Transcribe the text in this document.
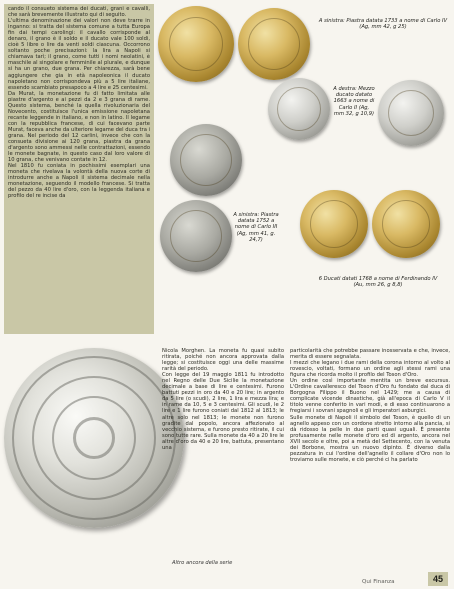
cando il consueto sistema dei ducati, grani e cavalli, che sarà brevemente illustrato qui di seguito.

L'ultima denominazione dei valori non deve trarre in inganno: si tratta del sistema comune a tutta Europa fin dai tempi carolingi: il cavallo corrisponde al denaro, il grano è il soldo e il ducato vale 100 soldi, cioè 5 libre o lire da venti soldi ciascuna. Occorrono soltanto poche precisazioni: la lira a Napoli si chiamava tarì; il grano, come tutti i nomi neolatini, è maschile al singolare e femminile al plurale, e dunque si ha un grano, due grana. Per chiarezza, sarà bene aggiungere che gia in età napoleonica il ducato napoletano non corrispondeva più a 5 lire italiane, essendo scambiato presapoco a 4 lire e 25 centesimi.

Da Murat, la monetazione fu di fatto limitata alle piastre d'argento e ai pezzi da 2 e 3 grana di rame. Questo sistema, benché la quella rivoluzionaria del Novecento, costituisce l'unica emissione napoletana recante leggende in italiano, e non in latino. Il legame con la repubblica francese, di cui facevano parte Murat, faceva anche da ulteriore legame del duca tra i grana. Nel periodo del 12 carlini, invece che con la consueta divisione ai 120 grana, piastra da grana d'argento sono ammessi nelle contrattazioni, essendo le monete bagnate, in questo caso dal loro valore di 10 grana, che venivano contate in 12.

Nel 1810 fu coniata in pochissimi esemplari una moneta che rivelava la volontà della nuova corte di introdurre anche a Napoli il sistema decimale nella monetazione, seguendo il modello francese. Si tratta del pezzo da 40 lire d'oro, con la leggenda italiana e profilo del re incise da

A sinistra: Piastra datata 1733 a nome di Carlo IV (Ag, mm 42, g 25)
A destra: Mezzo ducato datato 1663 a nome di Carlo II (Ag, mm 32, g 10,9)
A sinistra: Piastra datata 1752 a nome di Carlo III (Ag, mm 41, g. 24,7)
6 Ducati datati 1768 a nome di Ferdinando IV (Au, mm 26, g 8,8)

Nicola Morghen. La moneta fu quasi subito ritirata, poiché non ancora approvata dalla legge; si costituisce oggi una delle massime rarità del periodo.

Con legge del 19 maggio 1811 fu introdotto nel Regno delle Due Sicilie la monetazione decimale a base di lire e centesimi. Furono battuti pezzi in oro da 40 e 20 lire; in argento da 5 lire (o scudi), 2 lire, 1 lira e mezza lira; e in rame da 10, 5 e 3 centesimi. Gli scudi, le 2 lire e 1 lire furono coniati dal 1812 al 1813; le altre solo nel 1813; le monete non furono gradite dal popolo, ancora affezionato al vecchio sistema, e furono presto ritirate, il cui sono tutte rare. Sulla monete da 40 a 20 lire le altre d'oro da 40 e 20 lire, battuta, presentano una

particolarità che potrebbe passare inosservata e che, invece, merita di essere segnalata.

I mezzi che legano i due rami della corona intorno al volto al rovescio, voltati, formano un ordine agli stessi rami una figura che ricorda molto il profilo del Toson d'Oro.

Un ordine così importante mentita un breve excursus. L'Ordine cavalleresco del Toson d'Oro fu fondato dal duca di Borgogna Filippo il Buono nel 1429; me a causa di complicate vicende dinastiche, già all'epoca di Carlo V il titolo venne conferito in vari modi, e di esso continuarono a fregiarsi i sovrani spagnoli e gli imperatori asburgici.

Sulle monete di Napoli il simbolo del Toson, è quello di un agnello appeso con un cordone stretto intorno alla pancia, si dà ridosso la pelle in due parti quasi uguali. È presente profusamente nelle monete d'oro ed di argento, ancora nel XVII secolo e oltre, poi a metà del Settecento, con la venuta dei Borbone, mostra un nuovo dipinto. È diverso dalla pezzatura in cui l'ordine dell'agnello il collare d'Oro non lo troviamo sulle monete, e ciò perché ci ha parlato

Altro ancora della serie
Qui Finanza	45
